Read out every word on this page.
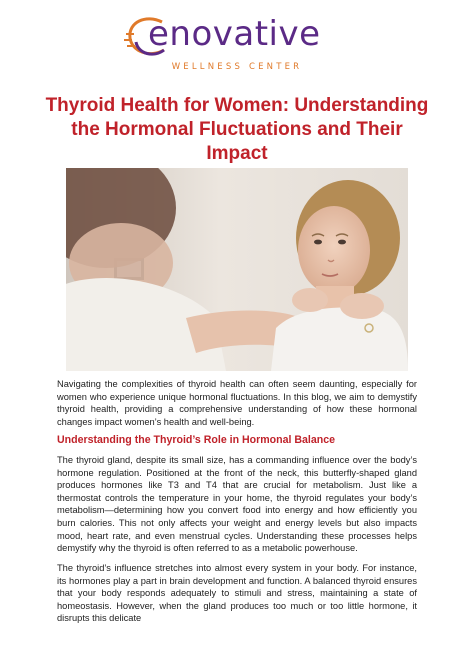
enovative
WELLNESS CENTER
Thyroid Health for Women: Understanding the Hormonal Fluctuations and Their Impact

Navigating the complexities of thyroid health can often seem daunting, especially for women who experience unique hormonal fluctuations. In this blog, we aim to demystify thyroid health, providing a comprehensive understanding of how these hormonal changes impact women’s health and well-being.

Understanding the Thyroid’s Role in Hormonal Balance

The thyroid gland, despite its small size, has a commanding influence over the body’s hormone regulation. Positioned at the front of the neck, this butterfly-shaped gland produces hormones like T3 and T4 that are crucial for metabolism. Just like a thermostat controls the temperature in your home, the thyroid regulates your body’s metabolism—determining how you convert food into energy and how efficiently you burn calories. This not only affects your weight and energy levels but also impacts mood, heart rate, and even menstrual cycles. Understanding these processes helps demystify why the thyroid is often referred to as a metabolic powerhouse.

The thyroid’s influence stretches into almost every system in your body. For instance, its hormones play a part in brain development and function. A balanced thyroid ensures that your body responds adequately to stimuli and stress, maintaining a state of homeostasis. However, when the gland produces too much or too little hormone, it disrupts this delicate
